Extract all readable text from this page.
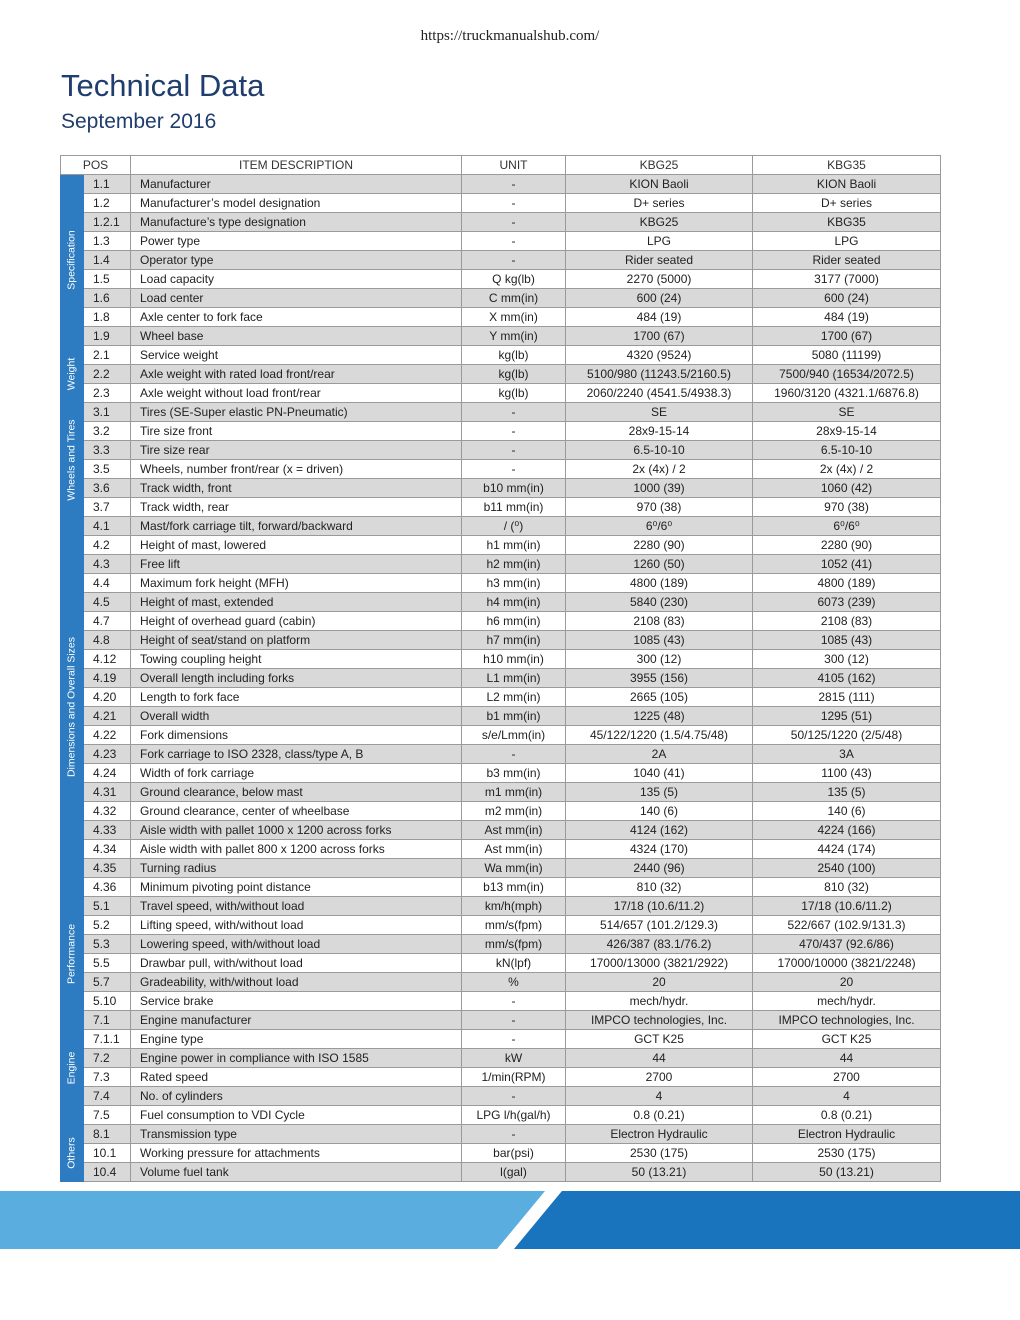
https://truckmanualshub.com/
Technical Data
September 2016
POS		ITEM DESCRIPTION	UNIT	KBG25	KBG35

Specification	1.1	Manufacturer	-	KION Baoli	KION Baoli
	1.2	Manufacturer’s model designation	-	D+ series	D+ series
	1.2.1	Manufacture’s type designation	-	KBG25	KBG35
	1.3	Power type	-	LPG	LPG
	1.4	Operator type	-	Rider seated	Rider seated
	1.5	Load capacity	Q kg(lb)	2270 (5000)	3177 (7000)
	1.6	Load center	C mm(in)	600 (24)	600 (24)
	1.8	Axle center to fork face	X mm(in)	484 (19)	484 (19)
	1.9	Wheel base	Y mm(in)	1700 (67)	1700 (67)

Weight	2.1	Service weight	kg(lb)	4320 (9524)	5080 (11199)
	2.2	Axle weight with rated load front/rear	kg(lb)	5100/980 (11243.5/2160.5)	7500/940 (16534/2072.5)
	2.3	Axle weight without load front/rear	kg(lb)	2060/2240 (4541.5/4938.3)	1960/3120 (4321.1/6876.8)

Wheels and Tires	3.1	Tires (SE-Super elastic PN-Pneumatic)	-	SE	SE
	3.2	Tire size front	-	28x9-15-14	28x9-15-14
	3.3	Tire size rear	-	6.5-10-10	6.5-10-10
	3.5	Wheels, number front/rear (x = driven)	-	2x (4x) / 2	2x (4x) / 2
	3.6	Track width, front	b10 mm(in)	1000 (39)	1060 (42)
	3.7	Track width, rear	b11 mm(in)	970 (38)	970 (38)

Dimensions and Overall Sizes	4.1	Mast/fork carriage tilt, forward/backward	/ (⁰)	6⁰/6⁰	6⁰/6⁰
	4.2	Height of mast, lowered	h1 mm(in)	2280 (90)	2280 (90)
	4.3	Free lift	h2 mm(in)	1260 (50)	1052 (41)
	4.4	Maximum fork height (MFH)	h3 mm(in)	4800 (189)	4800 (189)
	4.5	Height of mast, extended	h4 mm(in)	5840 (230)	6073 (239)
	4.7	Height of overhead guard (cabin)	h6 mm(in)	2108 (83)	2108 (83)
	4.8	Height of seat/stand on platform	h7 mm(in)	1085 (43)	1085 (43)
	4.12	Towing coupling height	h10 mm(in)	300 (12)	300 (12)
	4.19	Overall length including forks	L1 mm(in)	3955 (156)	4105 (162)
	4.20	Length to fork face	L2 mm(in)	2665 (105)	2815 (111)
	4.21	Overall width	b1 mm(in)	1225 (48)	1295 (51)
	4.22	Fork dimensions	s/e/Lmm(in)	45/122/1220 (1.5/4.75/48)	50/125/1220 (2/5/48)
	4.23	Fork carriage to ISO 2328, class/type A, B	-	2A	3A
	4.24	Width of fork carriage	b3 mm(in)	1040 (41)	1100 (43)
	4.31	Ground clearance, below mast	m1 mm(in)	135 (5)	135 (5)
	4.32	Ground clearance, center of wheelbase	m2 mm(in)	140 (6)	140 (6)
	4.33	Aisle width with pallet 1000 x 1200 across forks	Ast mm(in)	4124 (162)	4224 (166)
	4.34	Aisle width with pallet 800 x 1200 across forks	Ast mm(in)	4324 (170)	4424 (174)
	4.35	Turning radius	Wa mm(in)	2440 (96)	2540 (100)
	4.36	Minimum pivoting point distance	b13 mm(in)	810 (32)	810 (32)

Performance	5.1	Travel speed, with/without load	km/h(mph)	17/18 (10.6/11.2)	17/18 (10.6/11.2)
	5.2	Lifting speed, with/without load	mm/s(fpm)	514/657 (101.2/129.3)	522/667 (102.9/131.3)
	5.3	Lowering speed, with/without load	mm/s(fpm)	426/387 (83.1/76.2)	470/437 (92.6/86)
	5.5	Drawbar pull, with/without load	kN(lpf)	17000/13000 (3821/2922)	17000/10000 (3821/2248)
	5.7	Gradeability, with/without load	%	20	20
	5.10	Service brake	-	mech/hydr.	mech/hydr.

Engine	7.1	Engine manufacturer	-	IMPCO technologies, Inc.	IMPCO technologies, Inc.
	7.1.1	Engine type	-	GCT K25	GCT K25
	7.2	Engine power in compliance with ISO 1585	kW	44	44
	7.3	Rated speed	1/min(RPM)	2700	2700
	7.4	No. of cylinders	-	4	4
	7.5	Fuel consumption to VDI Cycle	LPG l/h(gal/h)	0.8 (0.21)	0.8 (0.21)

Others	8.1	Transmission type	-	Electron Hydraulic	Electron Hydraulic
	10.1	Working pressure for attachments	bar(psi)	2530 (175)	2530 (175)
	10.4	Volume fuel tank	l(gal)	50 (13.21)	50 (13.21)
